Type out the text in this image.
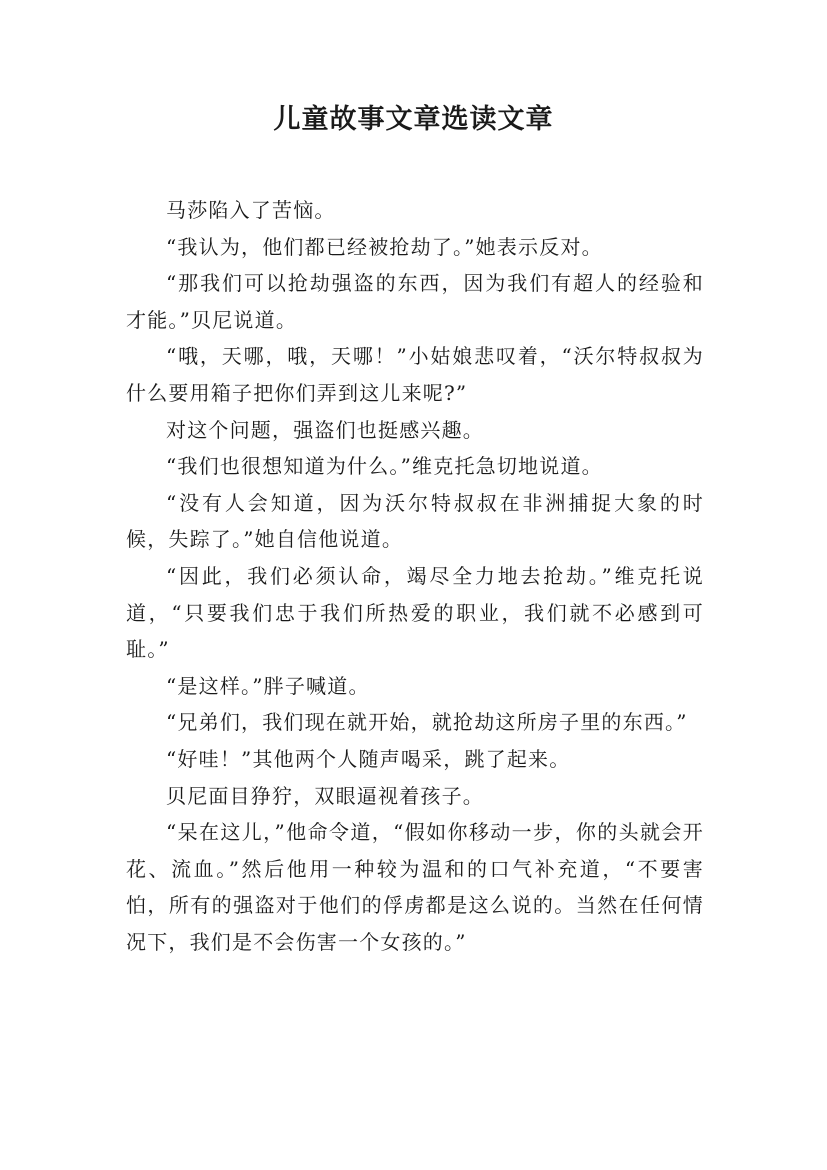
儿童故事文章选读文章

马莎陷入了苦恼。

“我认为，他们都已经被抢劫了。”她表示反对。

“那我们可以抢劫强盗的东西，因为我们有超人的经验和才能。”贝尼说道。

“哦，天哪，哦，天哪！”小姑娘悲叹着，“沃尔特叔叔为什么要用箱子把你们弄到这儿来呢?”

对这个问题，强盗们也挺感兴趣。

“我们也很想知道为什么。”维克托急切地说道。

“没有人会知道，因为沃尔特叔叔在非洲捕捉大象的时候，失踪了。”她自信他说道。

“因此，我们必须认命，竭尽全力地去抢劫。”维克托说道，“只要我们忠于我们所热爱的职业，我们就不必感到可耻。”

“是这样。”胖子喊道。

“兄弟们，我们现在就开始，就抢劫这所房子里的东西。”

“好哇！”其他两个人随声喝采，跳了起来。

贝尼面目狰狞，双眼逼视着孩子。

“呆在这儿，”他命令道，“假如你移动一步，你的头就会开花、流血。”然后他用一种较为温和的口气补充道，“不要害怕，所有的强盗对于他们的俘虏都是这么说的。当然在任何情况下，我们是不会伤害一个女孩的。”
